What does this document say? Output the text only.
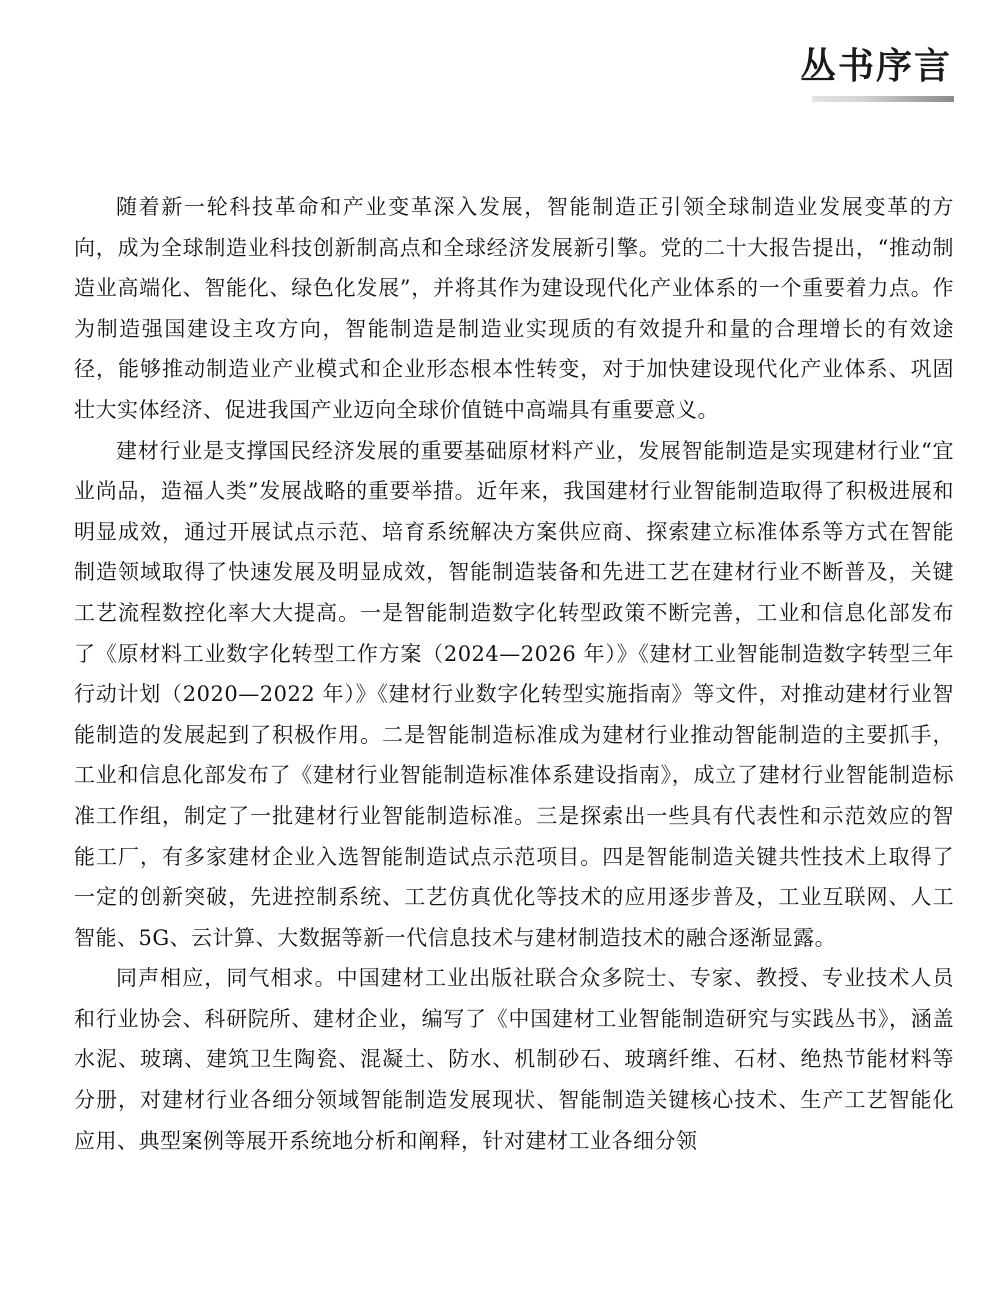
丛书序言

随着新一轮科技革命和产业变革深入发展，智能制造正引领全球制造业发展变革的方向，成为全球制造业科技创新制高点和全球经济发展新引擎。党的二十大报告提出，“推动制造业高端化、智能化、绿色化发展”，并将其作为建设现代化产业体系的一个重要着力点。作为制造强国建设主攻方向，智能制造是制造业实现质的有效提升和量的合理增长的有效途径，能够推动制造业产业模式和企业形态根本性转变，对于加快建设现代化产业体系、巩固壮大实体经济、促进我国产业迈向全球价值链中高端具有重要意义。

建材行业是支撑国民经济发展的重要基础原材料产业，发展智能制造是实现建材行业“宜业尚品，造福人类”发展战略的重要举措。近年来，我国建材行业智能制造取得了积极进展和明显成效，通过开展试点示范、培育系统解决方案供应商、探索建立标准体系等方式在智能制造领域取得了快速发展及明显成效，智能制造装备和先进工艺在建材行业不断普及，关键工艺流程数控化率大大提高。一是智能制造数字化转型政策不断完善，工业和信息化部发布了《原材料工业数字化转型工作方案（2024—2026 年）》《建材工业智能制造数字转型三年行动计划（2020—2022 年）》《建材行业数字化转型实施指南》等文件，对推动建材行业智能制造的发展起到了积极作用。二是智能制造标准成为建材行业推动智能制造的主要抓手，工业和信息化部发布了《建材行业智能制造标准体系建设指南》，成立了建材行业智能制造标准工作组，制定了一批建材行业智能制造标准。三是探索出一些具有代表性和示范效应的智能工厂，有多家建材企业入选智能制造试点示范项目。四是智能制造关键共性技术上取得了一定的创新突破，先进控制系统、工艺仿真优化等技术的应用逐步普及，工业互联网、人工智能、5G、云计算、大数据等新一代信息技术与建材制造技术的融合逐渐显露。

同声相应，同气相求。中国建材工业出版社联合众多院士、专家、教授、专业技术人员和行业协会、科研院所、建材企业，编写了《中国建材工业智能制造研究与实践丛书》，涵盖水泥、玻璃、建筑卫生陶瓷、混凝土、防水、机制砂石、玻璃纤维、石材、绝热节能材料等分册，对建材行业各细分领域智能制造发展现状、智能制造关键核心技术、生产工艺智能化应用、典型案例等展开系统地分析和阐释，针对建材工业各细分领
